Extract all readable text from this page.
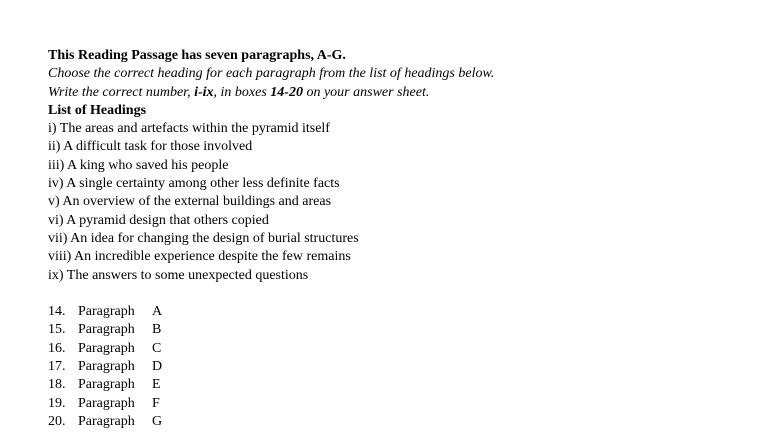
This Reading Passage has seven paragraphs, A-G.
Choose the correct heading for each paragraph from the list of headings below.
Write the correct number, i-ix, in boxes 14-20 on your answer sheet.
List of Headings
i) The areas and artefacts within the pyramid itself
ii) A difficult task for those involved
iii) A king who saved his people
iv) A single certainty among other less definite facts
v) An overview of the external buildings and areas
vi) A pyramid design that others copied
vii) An idea for changing the design of burial structures
viii) An incredible experience despite the few remains
ix) The answers to some unexpected questions
14. Paragraph A
15. Paragraph B
16. Paragraph C
17. Paragraph D
18. Paragraph E
19. Paragraph F
20. Paragraph G
